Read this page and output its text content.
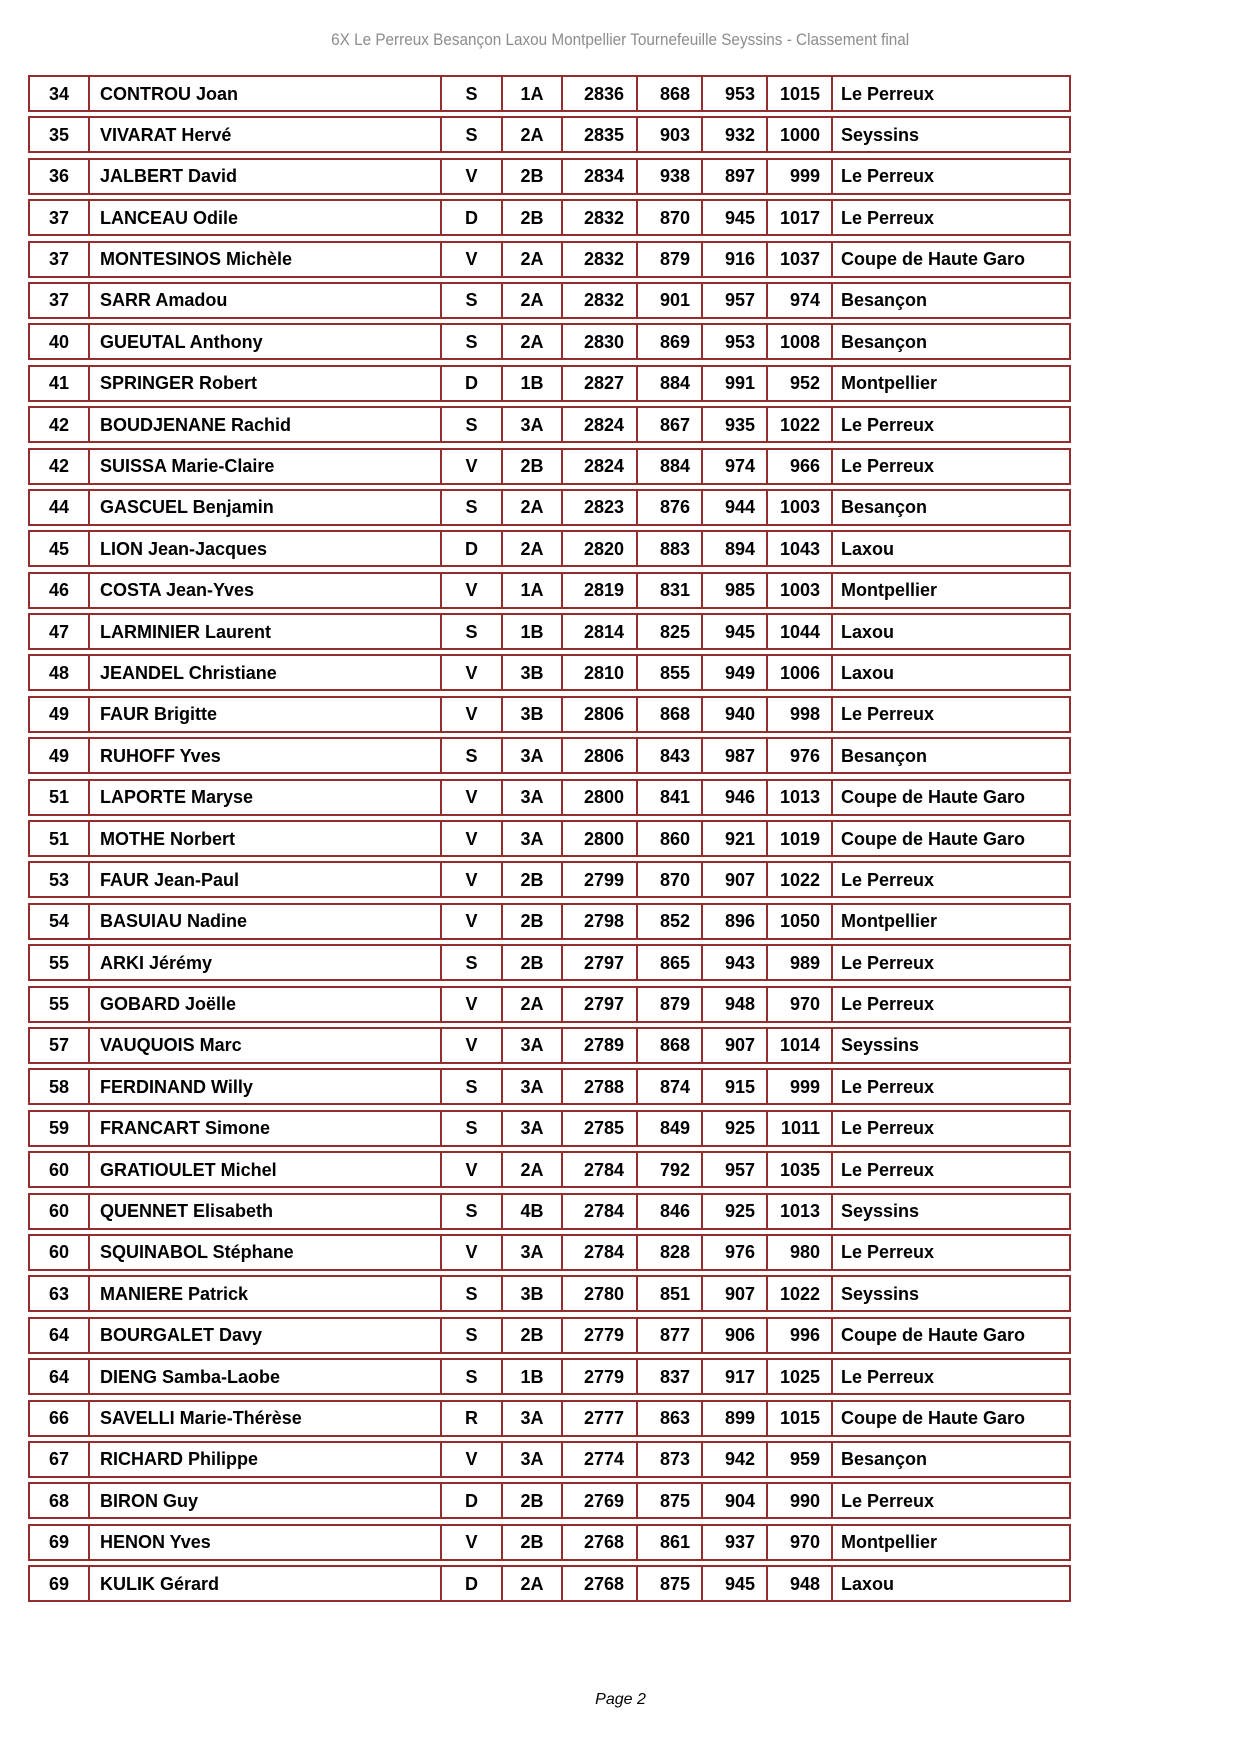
6X Le Perreux Besançon Laxou Montpellier Tournefeuille Seyssins - Classement final
34	CONTROU Joan	S	1A	2836	868	953	1015	Le Perreux
35	VIVARAT Hervé	S	2A	2835	903	932	1000	Seyssins
36	JALBERT David	V	2B	2834	938	897	999	Le Perreux
37	LANCEAU Odile	D	2B	2832	870	945	1017	Le Perreux
37	MONTESINOS Michèle	V	2A	2832	879	916	1037	Coupe de Haute Garo
37	SARR Amadou	S	2A	2832	901	957	974	Besançon
40	GUEUTAL Anthony	S	2A	2830	869	953	1008	Besançon
41	SPRINGER Robert	D	1B	2827	884	991	952	Montpellier
42	BOUDJENANE Rachid	S	3A	2824	867	935	1022	Le Perreux
42	SUISSA Marie-Claire	V	2B	2824	884	974	966	Le Perreux
44	GASCUEL Benjamin	S	2A	2823	876	944	1003	Besançon
45	LION Jean-Jacques	D	2A	2820	883	894	1043	Laxou
46	COSTA Jean-Yves	V	1A	2819	831	985	1003	Montpellier
47	LARMINIER Laurent	S	1B	2814	825	945	1044	Laxou
48	JEANDEL Christiane	V	3B	2810	855	949	1006	Laxou
49	FAUR Brigitte	V	3B	2806	868	940	998	Le Perreux
49	RUHOFF Yves	S	3A	2806	843	987	976	Besançon
51	LAPORTE Maryse	V	3A	2800	841	946	1013	Coupe de Haute Garo
51	MOTHE Norbert	V	3A	2800	860	921	1019	Coupe de Haute Garo
53	FAUR Jean-Paul	V	2B	2799	870	907	1022	Le Perreux
54	BASUIAU Nadine	V	2B	2798	852	896	1050	Montpellier
55	ARKI Jérémy	S	2B	2797	865	943	989	Le Perreux
55	GOBARD Joëlle	V	2A	2797	879	948	970	Le Perreux
57	VAUQUOIS Marc	V	3A	2789	868	907	1014	Seyssins
58	FERDINAND Willy	S	3A	2788	874	915	999	Le Perreux
59	FRANCART Simone	S	3A	2785	849	925	1011	Le Perreux
60	GRATIOULET Michel	V	2A	2784	792	957	1035	Le Perreux
60	QUENNET Elisabeth	S	4B	2784	846	925	1013	Seyssins
60	SQUINABOL Stéphane	V	3A	2784	828	976	980	Le Perreux
63	MANIERE Patrick	S	3B	2780	851	907	1022	Seyssins
64	BOURGALET Davy	S	2B	2779	877	906	996	Coupe de Haute Garo
64	DIENG Samba-Laobe	S	1B	2779	837	917	1025	Le Perreux
66	SAVELLI Marie-Thérèse	R	3A	2777	863	899	1015	Coupe de Haute Garo
67	RICHARD Philippe	V	3A	2774	873	942	959	Besançon
68	BIRON Guy	D	2B	2769	875	904	990	Le Perreux
69	HENON Yves	V	2B	2768	861	937	970	Montpellier
69	KULIK Gérard	D	2A	2768	875	945	948	Laxou
Page 2
